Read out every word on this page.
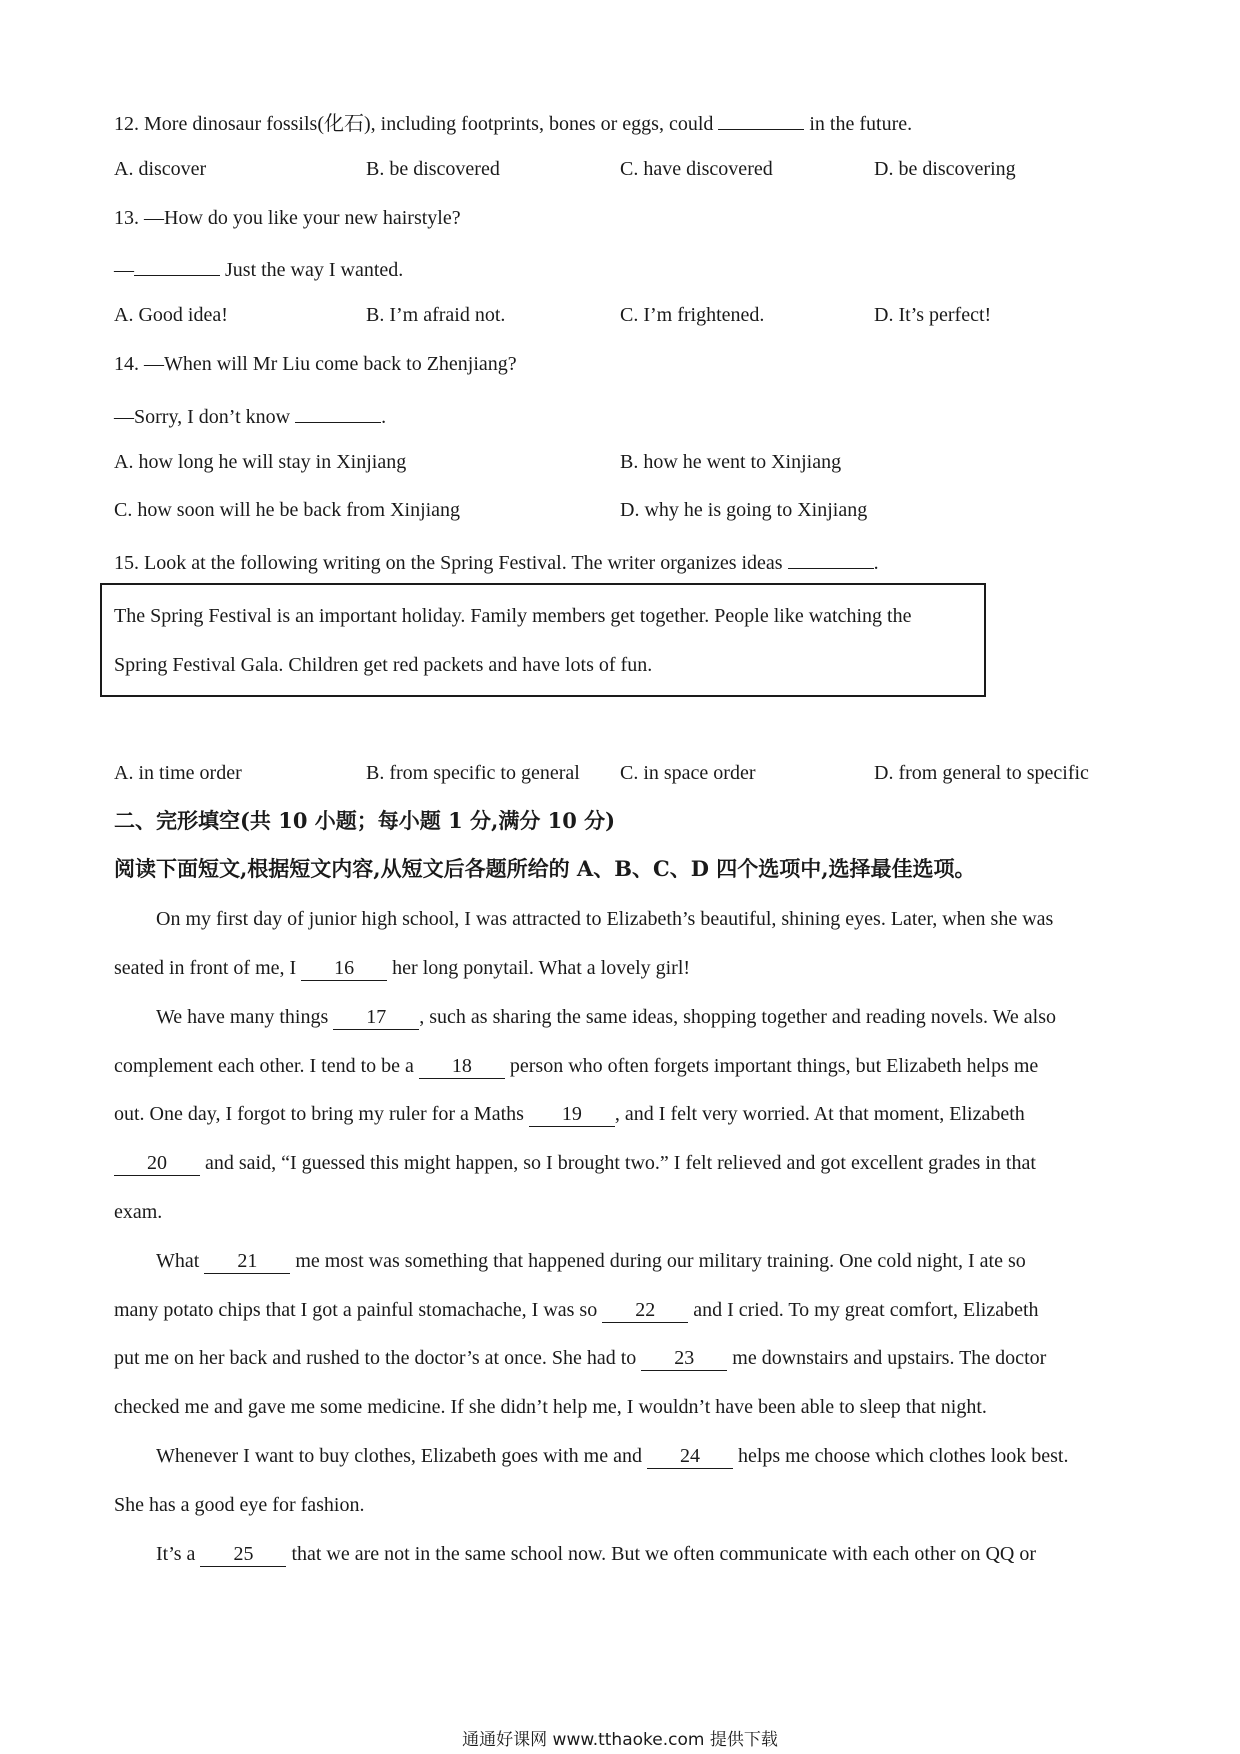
12. More dinosaur fossils(化石), including footprints, bones or eggs, could	in the future.
A. discover	B. be discovered	C. have discovered	D. be discovering
13. —How do you like your new hairstyle?
—	Just the way I wanted.
A. Good idea!	B. I’m afraid not.	C. I’m frightened.	D. It’s perfect!
14. —When will Mr Liu come back to Zhenjiang?
—Sorry, I don’t know	.
A. how long he will stay in Xinjiang	B. how he went to Xinjiang
C. how soon will he be back from Xinjiang	D. why he is going to Xinjiang
15. Look at the following writing on the Spring Festival. The writer organizes ideas	.
The Spring Festival is an important holiday. Family members get together. People like watching the
Spring Festival Gala. Children get red packets and have lots of fun.
A. in time order	B. from specific to general C. in space order	D. from general to specific
二、完形填空(共 10 小题；每小题 1 分,满分 10 分)
阅读下面短文,根据短文内容,从短文后各题所给的 A、B、C、D 四个选项中,选择最佳选项。
On my first day of junior high school, I was attracted to Elizabeth’s beautiful, shining eyes. Later, when she was
seated in front of me, I 16 her long ponytail. What a lovely girl!
We have many things 17 , such as sharing the same ideas, shopping together and reading novels. We also
complement each other. I tend to be a 18 person who often forgets important things, but Elizabeth helps me
out. One day, I forgot to bring my ruler for a Maths 19 , and I felt very worried. At that moment, Elizabeth
20 and said, “I guessed this might happen, so I brought two.” I felt relieved and got excellent grades in that
exam.
What 21 me most was something that happened during our military training. One cold night, I ate so
many potato chips that I got a painful stomachache, I was so 22 and I cried. To my great comfort, Elizabeth
put me on her back and rushed to the doctor’s at once. She had to 23 me downstairs and upstairs. The doctor
checked me and gave me some medicine. If she didn’t help me, I wouldn’t have been able to sleep that night.
Whenever I want to buy clothes, Elizabeth goes with me and 24 helps me choose which clothes look best.
She has a good eye for fashion.
It’s a 25 that we are not in the same school now. But we often communicate with each other on QQ or
通通好课网 www.tthaoke.com 提供下载
